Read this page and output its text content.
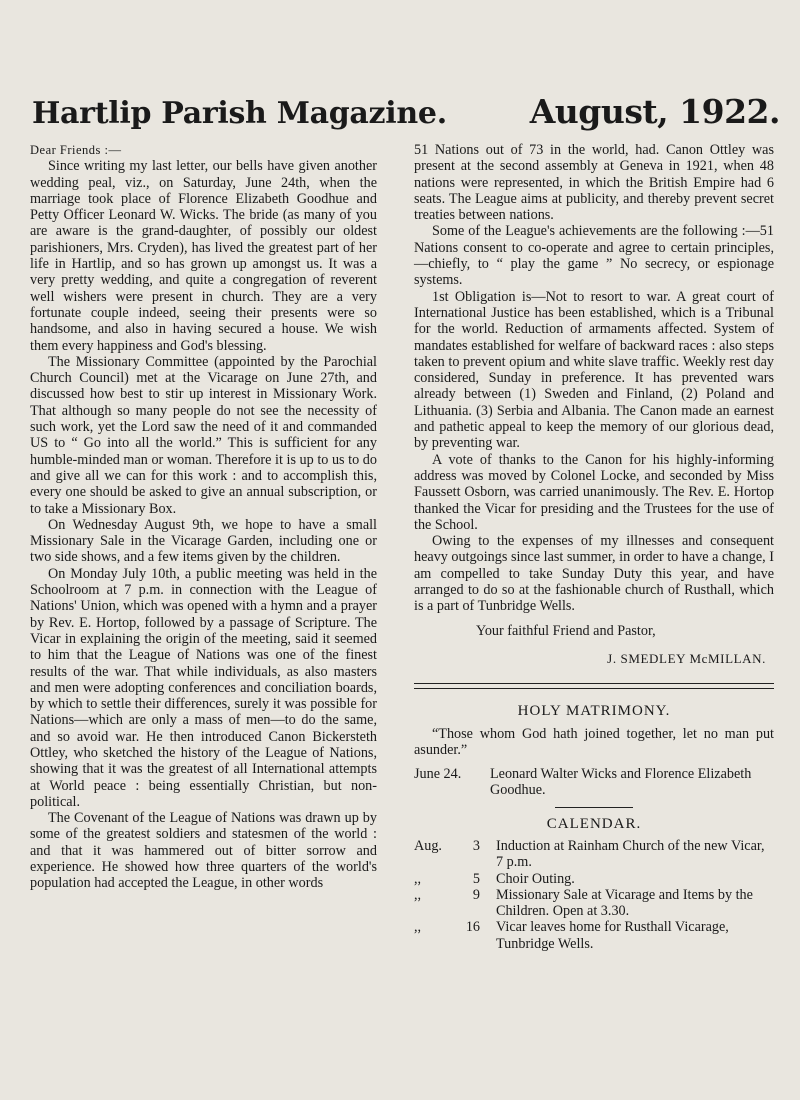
Hartlip Parish Magazine.	August, 1922.

Dear Friends :—

Since writing my last letter, our bells have given another wedding peal, viz., on Saturday, June 24th, when the marriage took place of Florence Elizabeth Goodhue and Petty Officer Leonard W. Wicks. The bride (as many of you are aware is the grand-daughter, of possibly our oldest parishioners, Mrs. Cryden), has lived the greatest part of her life in Hartlip, and so has grown up amongst us. It was a very pretty wedding, and quite a congregation of reverent well wishers were present in church. They are a very fortunate couple indeed, seeing their presents were so handsome, and also in having secured a house. We wish them every happiness and God's blessing.

The Missionary Committee (appointed by the Parochial Church Council) met at the Vicarage on June 27th, and discussed how best to stir up interest in Missionary Work. That although so many people do not see the necessity of such work, yet the Lord saw the need of it and commanded US to “ Go into all the world.” This is sufficient for any humble-minded man or woman. Therefore it is up to us to do and give all we can for this work : and to accomplish this, every one should be asked to give an annual subscription, or to take a Missionary Box.

On Wednesday August 9th, we hope to have a small Missionary Sale in the Vicarage Garden, including one or two side shows, and a few items given by the children.

On Monday July 10th, a public meeting was held in the Schoolroom at 7 p.m. in connection with the League of Nations' Union, which was opened with a hymn and a prayer by Rev. E. Hortop, followed by a passage of Scripture. The Vicar in explaining the origin of the meeting, said it seemed to him that the League of Nations was one of the finest results of the war. That while individuals, as also masters and men were adopting conferences and conciliation boards, by which to settle their differences, surely it was possible for Nations—which are only a mass of men—to do the same, and so avoid war. He then introduced Canon Bickersteth Ottley, who sketched the history of the League of Nations, showing that it was the greatest of all International attempts at World peace : being essentially Christian, but non-political.

The Covenant of the League of Nations was drawn up by some of the greatest soldiers and statesmen of the world : and that it was hammered out of bitter sorrow and experience. He showed how three quarters of the world's population had accepted the League, in other words

51 Nations out of 73 in the world, had. Canon Ottley was present at the second assembly at Geneva in 1921, when 48 nations were represented, in which the British Empire had 6 seats. The League aims at publicity, and thereby prevent secret treaties between nations.

Some of the League's achievements are the following :—51 Nations consent to co-operate and agree to certain principles,—chiefly, to “ play the game ” No secrecy, or espionage systems.

1st Obligation is—Not to resort to war. A great court of International Justice has been established, which is a Tribunal for the world. Reduction of armaments affected. System of mandates established for welfare of backward races : also steps taken to prevent opium and white slave traffic. Weekly rest day considered, Sunday in preference. It has prevented wars already between (1) Sweden and Finland, (2) Poland and Lithuania. (3) Serbia and Albania. The Canon made an earnest and pathetic appeal to keep the memory of our glorious dead, by preventing war.

A vote of thanks to the Canon for his highly-informing address was moved by Colonel Locke, and seconded by Miss Faussett Osborn, was carried unanimously. The Rev. E. Hortop thanked the Vicar for presiding and the Trustees for the use of the School.

Owing to the expenses of my illnesses and consequent heavy outgoings since last summer, in order to have a change, I am compelled to take Sunday Duty this year, and have arranged to do so at the fashionable church of Rusthall, which is a part of Tunbridge Wells.

Your faithful Friend and Pastor,
J. SMEDLEY McMILLAN.
HOLY MATRIMONY.

“Those whom God hath joined together, let no man put asunder.”

June 24.	Leonard Walter Wicks and Florence Elizabeth Goodhue.
CALENDAR.
Aug.	3 Induction at Rainham Church of the new Vicar, 7 p.m.
,,	5 Choir Outing.
,,	9 Missionary Sale at Vicarage and Items by the Children. Open at 3.30.
,,	16 Vicar leaves home for Rusthall Vicarage, Tunbridge Wells.
